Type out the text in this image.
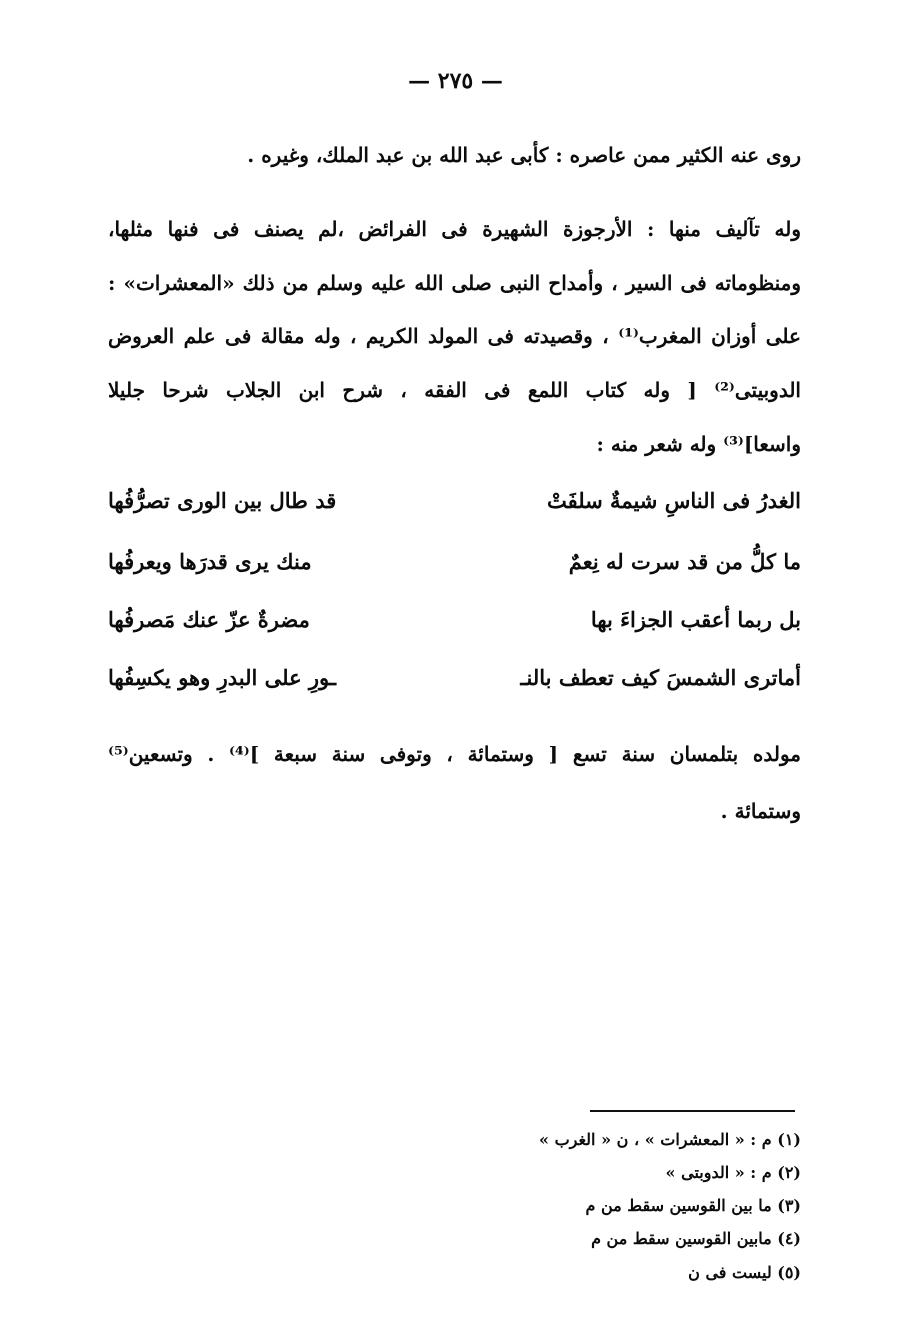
— ٢٧٥ —
روى عنه الكثير ممن عاصره : كأبى عبد الله بن عبد الملك، وغيره .
وله تآليف منها : الأرجوزة الشهيرة فى الفرائض ،لم يصنف فى فنها مثلها،
ومنظوماته فى السير ، وأمداح النبى صلى الله عليه وسلم من ذلك «المعشرات» :
على أوزان المغرب⁽¹⁾ ، وقصيدته فى المولد الكريم ، وله مقالة فى علم العروض
الدوبيتى⁽²⁾ [ وله كتاب اللمع فى الفقه ، شرح ابن الجلاب شرحا جليلا
واسعا]⁽³⁾ وله شعر منه :
الغدرُ فى الناسِ شيمةٌ سلفَتْ
قد طال بين الورى تصرُّفُها
ما كلُّ من قد سرت له نِعمٌ
منك يرى قدرَها ويعرفُها
بل ربما أعقب الجزاءَ بها
مضرةٌ عزّ عنك مَصرفُها
أماترى الشمسَ كيف تعطف بالنـ
ـورِ على البدرِ وهو يكسِفُها
مولده بتلمسان سنة تسع [ وستمائة ، وتوفى سنة سبعة ]⁽⁴⁾ . وتسعين⁽⁵⁾
وستمائة .
(١) م : « المعشرات » ، ن « الغرب »
(٢) م : « الدوبتى »
(٣) ما بين القوسين سقط من م
(٤) مابين القوسين سقط من م
(٥) ليست فى ن
